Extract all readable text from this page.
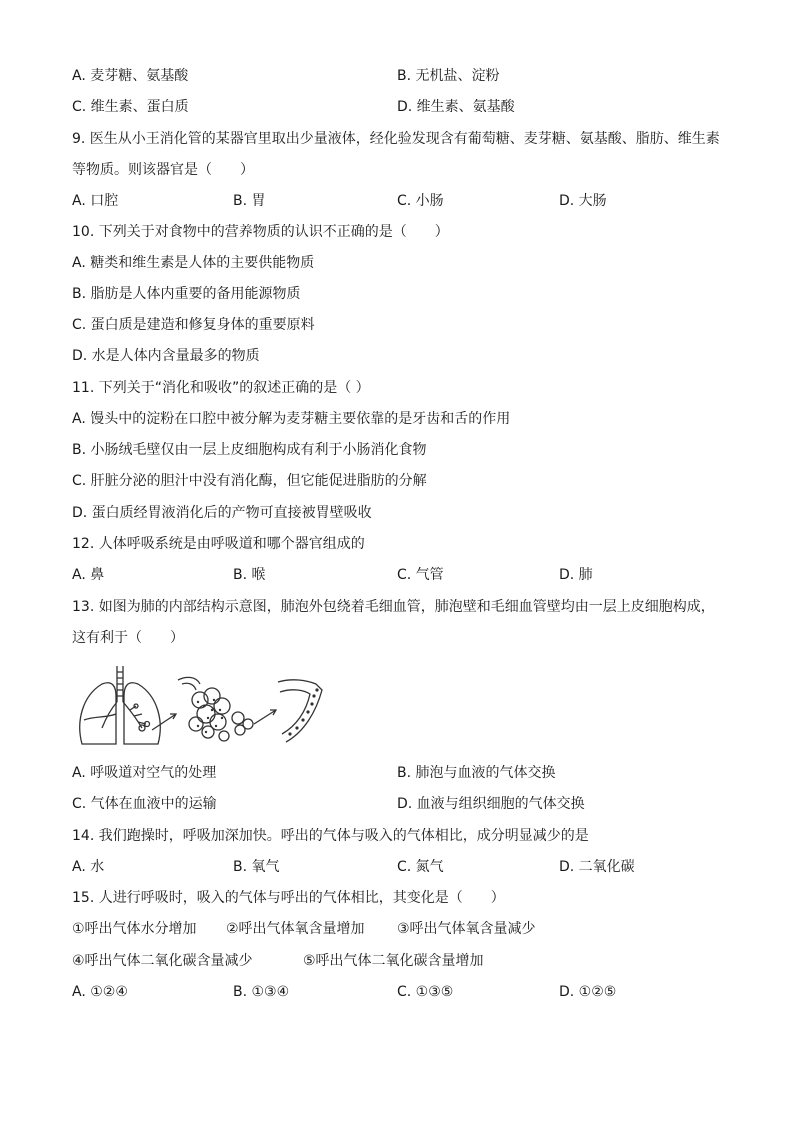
A. 麦芽糖、氨基酸	B. 无机盐、淀粉
C. 维生素、蛋白质	D. 维生素、氨基酸
9. 医生从小王消化管的某器官里取出少量液体，经化验发现含有葡萄糖、麦芽糖、氨基酸、脂肪、维生素
等物质。则该器官是（　　）
A. 口腔	B. 胃	C. 小肠	D. 大肠
10. 下列关于对食物中的营养物质的认识不正确的是（　　）
A. 糖类和维生素是人体的主要供能物质
B. 脂肪是人体内重要的备用能源物质
C. 蛋白质是建造和修复身体的重要原料
D. 水是人体内含量最多的物质
11. 下列关于“消化和吸收”的叙述正确的是（ ）
A. 馒头中的淀粉在口腔中被分解为麦芽糖主要依靠的是牙齿和舌的作用
B. 小肠绒毛壁仅由一层上皮细胞构成有利于小肠消化食物
C. 肝脏分泌的胆汁中没有消化酶，但它能促进脂肪的分解
D. 蛋白质经胃液消化后的产物可直接被胃壁吸收
12. 人体呼吸系统是由呼吸道和哪个器官组成的
A. 鼻	B. 喉	C. 气管	D. 肺
13. 如图为肺的内部结构示意图，肺泡外包绕着毛细血管，肺泡壁和毛细血管壁均由一层上皮细胞构成，
这有利于（　　）
A. 呼吸道对空气的处理	B. 肺泡与血液的气体交换
C. 气体在血液中的运输	D. 血液与组织细胞的气体交换
14. 我们跑操时，呼吸加深加快。呼出的气体与吸入的气体相比，成分明显减少的是
A. 水	B. 氧气	C. 氮气	D. 二氧化碳
15. 人进行呼吸时，吸入的气体与呼出的气体相比，其变化是（　　）
①呼出气体水分增加 ②呼出气体氧含量增加 ③呼出气体氧含量减少
④呼出气体二氧化碳含量减少	⑤呼出气体二氧化碳含量增加
A. ①②④	B. ①③④	C. ①③⑤	D. ①②⑤
